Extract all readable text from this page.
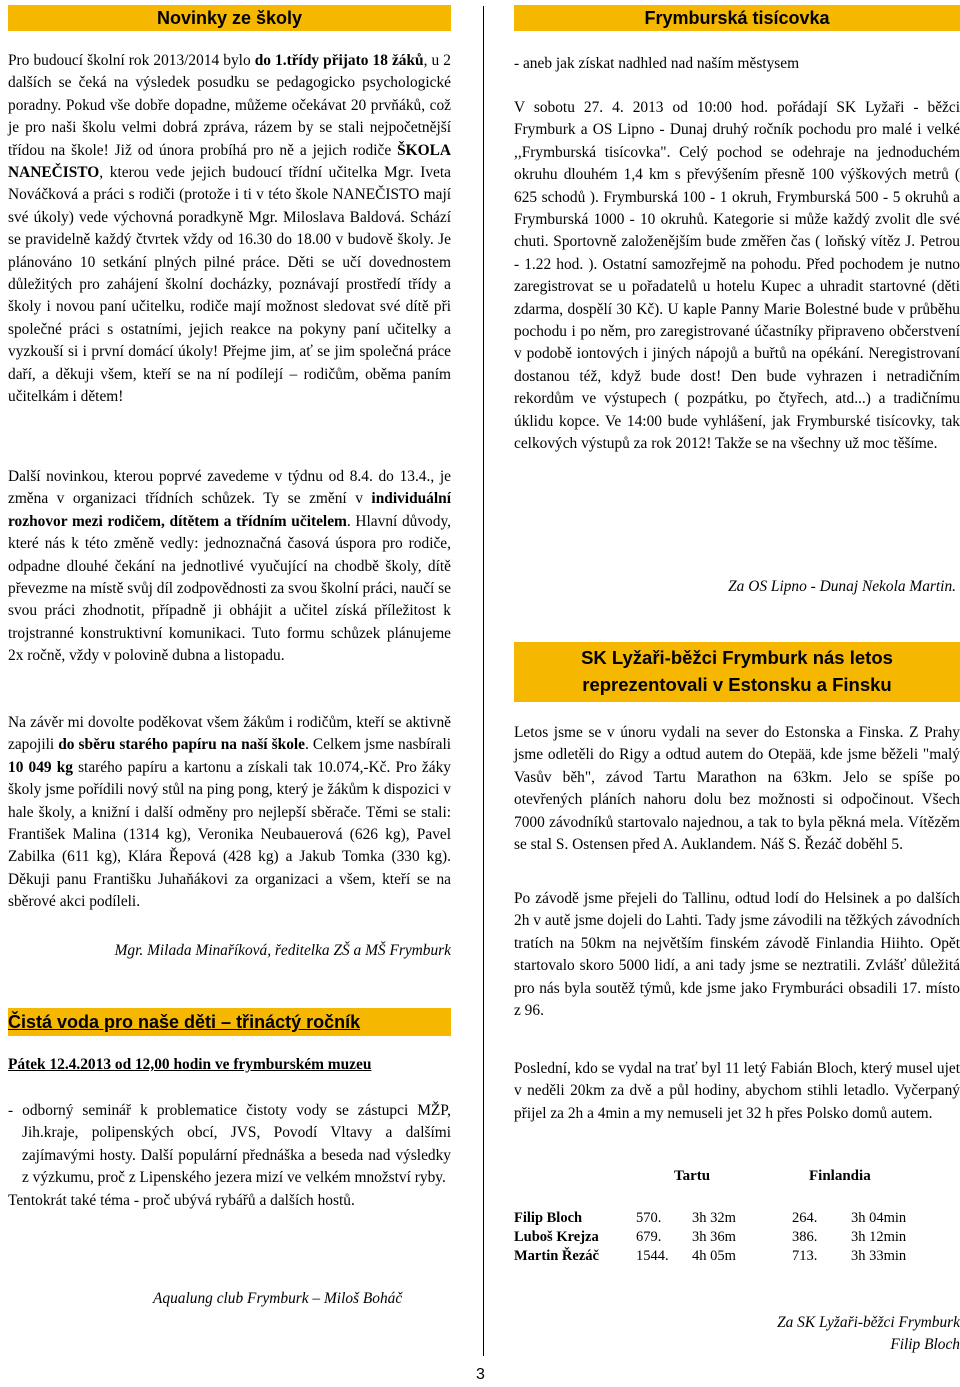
Novinky ze školy

Pro budoucí školní rok 2013/2014 bylo do 1.třídy přijato 18 žáků, u 2 dalších se čeká na výsledek posudku se pedagogicko psychologické poradny. Pokud vše dobře dopadne, můžeme očekávat 20 prvňáků, což je pro naši školu velmi dobrá zpráva, rázem by se stali nejpočetnější třídou na škole! Již od února probíhá pro ně a jejich rodiče ŠKOLA NANEČISTO, kterou vede jejich budoucí třídní učitelka Mgr. Iveta Nováčková a práci s rodiči (protože i ti v této škole NANEČISTO mají své úkoly) vede výchovná poradkyně Mgr. Miloslava Baldová. Schází se pravidelně každý čtvrtek vždy od 16.30 do 18.00 v budově školy. Je plánováno 10 setkání plných pilné práce. Děti se učí dovednostem důležitých pro zahájení školní docházky, poznávají prostředí třídy a školy i novou paní učitelku, rodiče mají možnost sledovat své dítě při společné práci s ostatními, jejich reakce na pokyny paní učitelky a vyzkouší si i první domácí úkoly! Přejme jim, ať se jim společná práce daří, a děkuji všem, kteří se na ní podílejí – rodičům, oběma paním učitelkám i dětem!

Další novinkou, kterou poprvé zavedeme v týdnu od 8.4. do 13.4., je změna v organizaci třídních schůzek. Ty se změní v individuální rozhovor mezi rodičem, dítětem a třídním učitelem. Hlavní důvody, které nás k této změně vedly: jednoznačná časová úspora pro rodiče, odpadne dlouhé čekání na jednotlivé vyučující na chodbě školy, dítě převezme na místě svůj díl zodpovědnosti za svou školní práci, naučí se svou práci zhodnotit, případně ji obhájit a učitel získá příležitost k trojstranné konstruktivní komunikaci. Tuto formu schůzek plánujeme 2x ročně, vždy v polovině dubna a listopadu.

Na závěr mi dovolte poděkovat všem žákům i rodičům, kteří se aktivně zapojili do sběru starého papíru na naší škole. Celkem jsme nasbírali 10 049 kg starého papíru a kartonu a získali tak 10.074,-Kč. Pro žáky školy jsme pořídili nový stůl na ping pong, který je žákům k dispozici v hale školy, a knižní i další odměny pro nejlepší sběrače. Těmi se stali: František Malina (1314 kg), Veronika Neubauerová (626 kg), Pavel Zabilka (611 kg), Klára Řepová (428 kg) a Jakub Tomka (330 kg). Děkuji panu Františku Juhaňákovi za organizaci a všem, kteří se na sběrové akci podíleli.

Mgr. Milada Minaříková, ředitelka ZŠ a MŠ Frymburk

Čistá voda pro naše děti – třináctý ročník

Pátek 12.4.2013 od 12,00 hodin ve frymburském muzeu

- odborný seminář k problematice čistoty vody se zástupci MŽP, Jih.kraje, polipenských obcí, JVS, Povodí Vltavy a dalšími zajímavými hosty. Další populární přednáška a beseda nad výsledky z výzkumu, proč z Lipenského jezera mizí ve velkém množství ryby.

Tentokrát také téma - proč ubývá rybářů a dalších hostů.

Aqualung club Frymburk – Miloš Boháč

Frymburská tisícovka

- aneb jak získat nadhled nad naším městysem

V sobotu 27. 4. 2013 od 10:00 hod. pořádají SK Lyžaři - běžci Frymburk a OS Lipno - Dunaj druhý ročník pochodu pro malé i velké ,,Frymburská tisícovka". Celý pochod se odehraje na jednoduchém okruhu dlouhém 1,4 km s převýšením přesně 100 výškových metrů ( 625 schodů ). Frymburská 100 - 1 okruh, Frymburská 500 - 5 okruhů a Frymburská 1000 - 10 okruhů. Kategorie si může každý zvolit dle své chuti. Sportovně založenějším bude změřen čas ( loňský vítěz J. Petrou - 1.22 hod. ). Ostatní samozřejmě na pohodu. Před pochodem je nutno zaregistrovat se u pořadatelů u hotelu Kupec a uhradit startovné (děti zdarma, dospělí 30 Kč). U kaple Panny Marie Bolestné bude v průběhu pochodu i po něm, pro zaregistrované účastníky připraveno občerstvení v podobě iontových i jiných nápojů a buřtů na opékání. Neregistrovaní dostanou též, když bude dost! Den bude vyhrazen i netradičním rekordům ve výstupech ( pozpátku, po čtyřech, atd...) a tradičnímu úklidu kopce. Ve 14:00 bude vyhlášení, jak Frymburské tisícovky, tak celkových výstupů za rok 2012! Takže se na všechny už moc těšíme.

Za OS Lipno - Dunaj Nekola Martin.

SK Lyžaři-běžci Frymburk nás letos reprezentovali v Estonsku a Finsku

Letos jsme se v únoru vydali na sever do Estonska a Finska. Z Prahy jsme odletěli do Rigy a odtud autem do Otepää, kde jsme běželi "malý Vasův běh", závod Tartu Marathon na 63km. Jelo se spíše po otevřených pláních nahoru dolu bez možnosti si odpočinout. Všech 7000 závodníků startovalo najednou, a tak to byla pěkná mela. Vítězěm se stal S. Ostensen před A. Auklandem. Náš S. Řezáč doběhl 5.

Po závodě jsme přejeli do Tallinu, odtud lodí do Helsinek a po dalších 2h v autě jsme dojeli do Lahti. Tady jsme závodili na těžkých závodních tratích na 50km na největším finském závodě Finlandia Hiihto. Opět startovalo skoro 5000 lidí, a ani tady jsme se neztratili. Zvlášť důležitá pro nás byla soutěž týmů, kde jsme jako Frymburáci obsadili 17. místo z 96.

Poslední, kdo se vydal na trať byl 11 letý Fabián Bloch, který musel ujet v neděli 20km za dvě a půl hodiny, abychom stihli letadlo. Vyčerpaný přijel za 2h a 4min a my nemuseli jet 32 h přes Polsko domů autem.

Tartu	Finlandia
Filip Bloch	570.	3h 32m	264.	3h 04min
Luboš Krejza	679.	3h 36m	386.	3h 12min
Martin Řezáč	1544.	4h 05m	713.	3h 33min

Za SK Lyžaři-běžci Frymburk

Filip Bloch

3
